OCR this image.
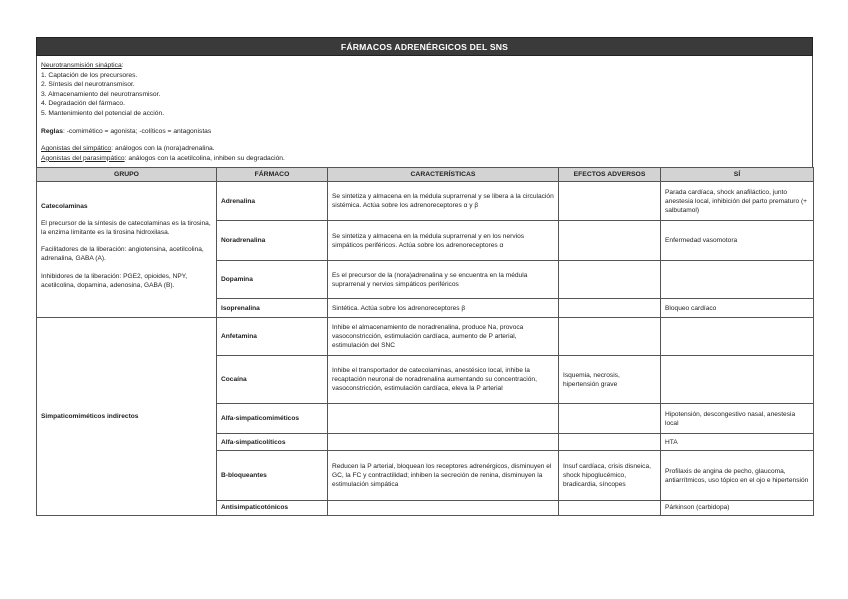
FÁRMACOS ADRENÉRGICOS DEL SNS
Neurotransmisión sináptica:
1. Captación de los precursores.
2. Síntesis del neurotransmisor.
3. Almacenamiento del neurotransmisor.
4. Degradación del fármaco.
5. Mantenimiento del potencial de acción.
Reglas: -comimético = agonista; -colíticos = antagonistas
Agonistas del simpático: análogos con la (nora)adrenalina.
Agonistas del parasimpático: análogos con la acetilcolina, inhiben su degradación.
GRUPO	FÁRMACO	CARACTERÍSTICAS	EFECTOS ADVERSOS	SÍ

Catecolaminas

El precursor de la síntesis de catecolaminas es la tirosina, la enzima limitante es la tirosina hidroxilasa.

Facilitadores de la liberación: angiotensina, acetilcolina, adrenalina, GABA (A).

Inhibidores de la liberación: PGE2, opioides, NPY, acetilcolina, dopamina, adenosina, GABA (B).	Adrenalina	Se sintetiza y almacena en la médula suprarrenal y se libera a la circulación sistémica. Actúa sobre los adrenoreceptores α y β		Parada cardíaca, shock anafiláctico, junto anestesia local, inhibición del parto prematuro (+ salbutamol)
	Noradrenalina	Se sintetiza y almacena en la médula suprarrenal y en los nervios simpáticos periféricos. Actúa sobre los adrenoreceptores α		Enfermedad vasomotora
	Dopamina	Es el precursor de la (nora)adrenalina y se encuentra en la médula suprarrenal y nervios simpáticos periféricos		
	Isoprenalina	Sintética. Actúa sobre los adrenoreceptores β		Bloqueo cardíaco
Simpaticomiméticos indirectos	Anfetamina	Inhibe el almacenamiento de noradrenalina, produce Na, provoca vasoconstricción, estimulación cardíaca, aumento de P arterial, estimulación del SNC		
	Cocaína	Inhibe el transportador de catecolaminas, anestésico local, inhibe la recaptación neuronal de noradrenalina aumentando su concentración, vasoconstricción, estimulación cardíaca, eleva la P arterial	Isquemia, necrosis, hipertensión grave	
	Alfa-simpaticomiméticos			Hipotensión, descongestivo nasal, anestesia local
	Alfa-simpaticolíticos			HTA
	B-bloqueantes	Reducen la P arterial, bloquean los receptores adrenérgicos, disminuyen el GC, la FC y contractilidad; inhiben la secreción de renina, disminuyen la estimulación simpática	Insuf cardíaca, crisis disneica, shock hipoglucémico, bradicardia, síncopes	Profilaxis de angina de pecho, glaucoma, antiarrítmicos, uso tópico en el ojo e hipertensión
	Antisimpaticotónicos			Párkinson (carbidopa)
